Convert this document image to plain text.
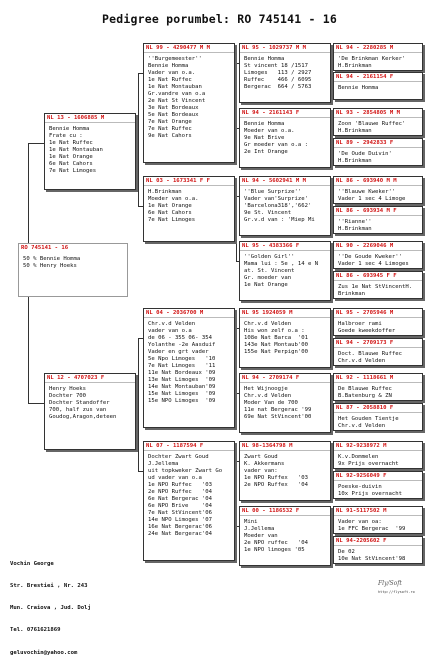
Pedigree porumbel: RO 745141 - 16
RO 745141 - 16
50 % Bennie Homma
50 % Henry Hoeks
NL 13 - 1606885 M
Bennie Homma
Frate cu :
1e Nat Ruffec
1e Nat Montauban
1e Nat Orange
6e Nat Cahors
7e Nat Limoges
NL 12 - 4707023 F
Henry Hoeks
Dochter 700
Dochter Standoffer
700, half zus van
Goudog,Aragon,deteen
NL 99 - 4290477 M M
''Burgemeester''
Bennie Homma
Vader van o.a.
1e Nat Ruffec
1e Nat Montauban
Gr.vandre van o.a
2e Nat St Vincent
3e Nat Bordeaux
5e Nat Bordeaux
7e Nat Orange
7e Nat Ruffec
9e Nat Cahors
NL 03 - 1673341 F F
H.Brinkman
Moeder van o.a.
1e Nat Orange
6e Nat Cahors
7e Nat Limoges
NL 04 - 2036700 M
Chr.v.d Velden
vader van o.a
de 06 - 355 06- 354
Yolanthe -2e Aasduif
Vader en grt vader
5e Npo Limoges   '10
7e Nat Limoges   '11
11e Nat Bordeaux '09
13e Nat Limoges  '09
14e Nat Montauban'09
15e Nat Limoges  '09
15e NPO Limoges  '09
NL 07 - 1187594 F
Dochter Zwart Goud
J.Jellema
uit topkweker Zwart Go
ud vader van o.a
1e NPO Ruffec   '03
2e NPO Ruffec   '04
6e Nat Bergerac '04
6e NPO Brive    '04
7e Nat StVincent'06
14e NPO Limoges '07
16e Nat Bergerac'06
24e Nat Bergerac'04
NL 95 - 1029737 M M
Bennie Homma
St vincent 18 /1517
Limoges   113 / 2927
Ruffec    466 / 6095
Bergerac  664 / 5763
NL 94 - 2161143 F
Bennie Homma
Moeder van o.a.
9e Nat Brive
Gr moeder van o.a :
2e Int Orange
NL 94 - 5602941 M M
''Blue Surprize''
Vader van'Surprize'
'Barcelona318','662'
9e St. Vincent
Gr.v.d van : 'Miep Mi
NL 95 - 4383366 F
''Golden Girl''
Mama lui : 5e , 14 e N
at. St. Vincent
Gr. moeder van
1e Nat Orange
NL 95 1924059 M
Chr.v.d Velden
His won zelf o.a :
108e Nat Barca  '01
143e Nat Montaub'00
155e Nat Perpign'00
NL 94 - 2709174 F
Het Wijnoogje
Chr.v.d Velden
Moder Van de 700
11e nat Bergerac '99
69e Nat StVincent'00
NL 98-1364798 M
Zwart Goud
K. Akkermans
vader van:
1e NPO Ruffex   '03
2e NPO Ruffex   '04
NL 00 - 1186532 F
Mini
J.Jellema
Moeder van
2e NPO ruffec   '04
1e NPO limoges '05
NL 94 - 2280285 M
'De Brinkman Kerker'
H.Brinkman
NL 94 - 2161154 F
Bennie Homma
NL 93 - 2854805 M M
Zoon 'Blauwe Ruffec'
H.Brinkman
NL 89 - 2942833 F
'De Oude Duivin'
H.Brinkman
NL 86 - 693940 M M
''Blauwe Kweker''
Vader 1 sec 4 Limoge
NL 86 - 693934 M F
''Rianne''
H.Brinkman
NL 90 - 2269046 M
''De Goude Kweker''
Vader 1 sec 4 Limoges
NL 86 - 693945 F F
Zus 1e Nat StVincentH.
Brinkman
NL 95 - 2705946 M
Halbroer rami
Goede kweekdoffer
NL 94 - 2709173 F
Doct. Blauwe Ruffec
Chr.v.d Velden
NL 92 - 1118661 M
De Blauwe Ruffec
B.Batenburg & ZN
NL 87 - 2058810 F
Het Gouden Tientje
Chr.v.d Velden
NL 92-9238972 M
K.v.Dommelen
9x Prijs overnacht
NL 92-9256049 F
Poeske-duivin
10x Prijs overnacht
NL 91-5117502 M
Vader van oa:
1e FFC Bergerac  '99
NL 94-2205602 F
De 02
10e Nat StVincent'98

Vochin George

Str. Brestiei , Nr. 243

Mun. Craiova , Jud. Dolj

Tel. 0761621869

geluvochin@yahoo.com

Fly/Soft
http://flysoft.ro
